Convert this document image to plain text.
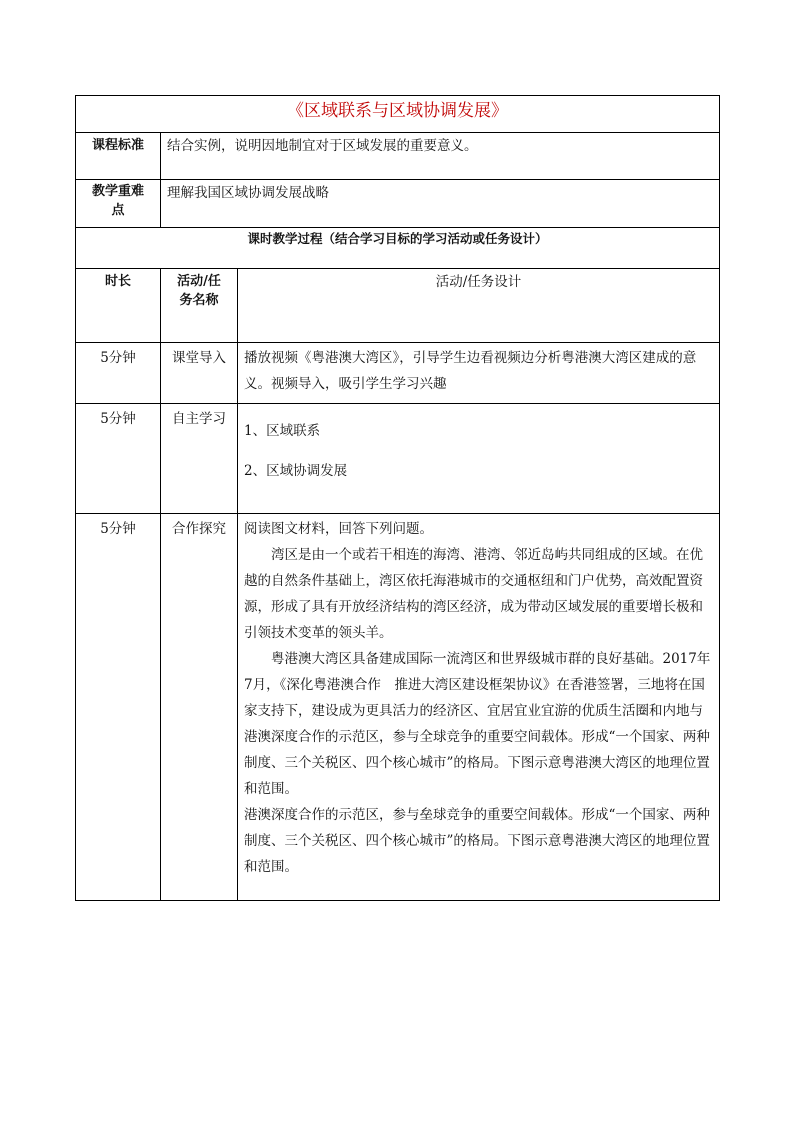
《区域联系与区域协调发展》		
课程标准	结合实例，说明因地制宜对于区域发展的重要意义。	

教学重难
点	理解我国区域协调发展战略	
课时教学过程（结合学习目标的学习活动或任务设计）		
时长	活动/任
务名称	活动/任务设计
5分钟	课堂导入	播放视频《粤港澳大湾区》，引导学生边看视频边分析粤港澳大湾区建成的意义。视频导入，吸引学生学习兴趣
5分钟	自主学习	1、区域联系
2、区域协调发展

5分钟	合作探究	阅读图文材料，回答下列问题。
湾区是由一个或若干相连的海湾、港湾、邻近岛屿共同组成的区域。在优越的自然条件基础上，湾区依托海港城市的交通枢纽和门户优势，高效配置资源，形成了具有开放经济结构的湾区经济，成为带动区域发展的重要增长极和引领技术变革的领头羊。
粤港澳大湾区具备建成国际一流湾区和世界级城市群的良好基础。2017年7月，《深化粤港澳合作　推进大湾区建设框架协议》在香港签署，三地将在国家支持下，建设成为更具活力的经济区、宜居宜业宜游的优质生活圈和内地与港澳深度合作的示范区，参与全球竞争的重要空间载体。形成“一个国家、两种制度、三个关税区、四个核心城市”的格局。下图示意粤港澳大湾区的地理位置和范围。
港澳深度合作的示范区，参与垒球竞争的重要空间载体。形成“一个国家、两种制度、三个关税区、四个核心城市”的格局。下图示意粤港澳大湾区的地理位置和范围。
